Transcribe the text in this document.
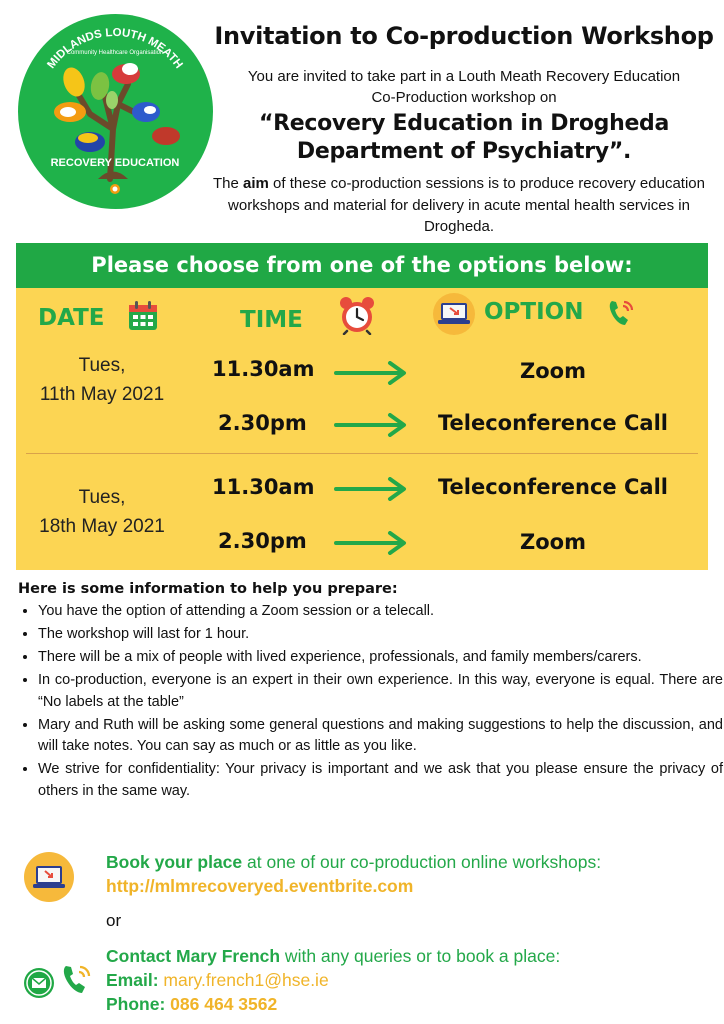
MIDLANDS LOUTH MEATH
Community Healthcare Organisation
RECOVERY EDUCATION
Invitation to Co-production Workshop
You are invited to take part in a Louth Meath Recovery Education
Co-Production workshop on
“Recovery Education in Drogheda
Department of Psychiatry”.
The aim of these co-production sessions is to produce recovery education workshops and material for delivery in acute mental health services in Drogheda.
Please choose from one of the options below:
DATE	TIME	OPTION
Tues,
11th May 2021
11.30am	Zoom
2.30pm	Teleconference Call
Tues,
18th May 2021
11.30am	Teleconference Call
2.30pm	Zoom
Here is some information to help you prepare:
• You have the option of attending a Zoom session or a telecall.
• The workshop will last for 1 hour.
• There will be a mix of people with lived experience, professionals, and family members/carers.
• In co-production, everyone is an expert in their own experience. In this way, everyone is equal. There are “No labels at the table”
• Mary and Ruth will be asking some general questions and making suggestions to help the discussion, and will take notes. You can say as much or as little as you like.
• We strive for confidentiality: Your privacy is important and we ask that you please ensure the privacy of others in the same way.
Book your place at one of our co-production online workshops:
http://mlmrecoveryed.eventbrite.com
or
Contact Mary French with any queries or to book a place:
Email: mary.french1@hse.ie
Phone: 086 464 3562
